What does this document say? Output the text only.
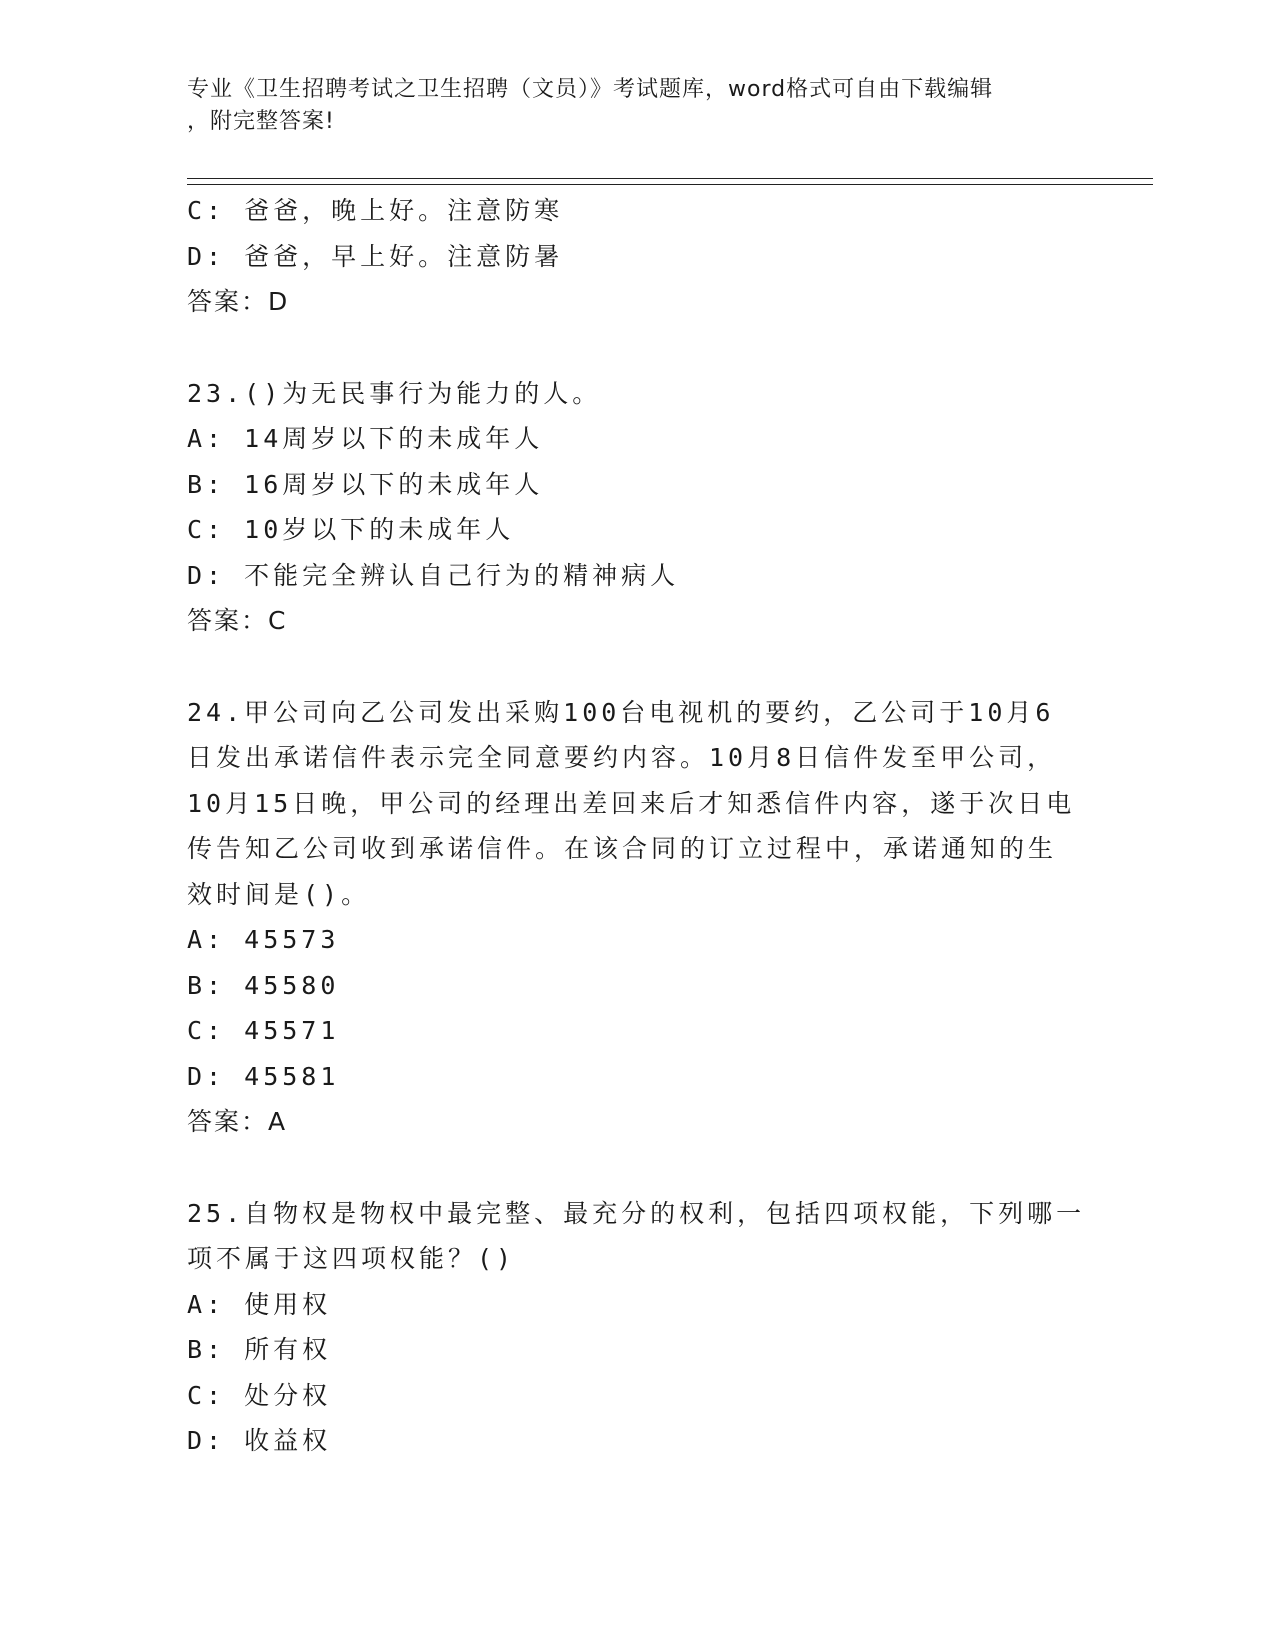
专业《卫生招聘考试之卫生招聘（文员）》考试题库，word格式可自由下载编辑
，附完整答案!
C: 爸爸，晚上好。注意防寒
D: 爸爸，早上好。注意防暑
答案：D
23.()为无民事行为能力的人。
A: 14周岁以下的未成年人
B: 16周岁以下的未成年人
C: 10岁以下的未成年人
D: 不能完全辨认自己行为的精神病人
答案：C
24.甲公司向乙公司发出采购100台电视机的要约，乙公司于10月6
日发出承诺信件表示完全同意要约内容。10月8日信件发至甲公司，
10月15日晚，甲公司的经理出差回来后才知悉信件内容，遂于次日电
传告知乙公司收到承诺信件。在该合同的订立过程中，承诺通知的生
效时间是()。
A: 45573
B: 45580
C: 45571
D: 45581
答案：A
25.自物权是物权中最完整、最充分的权利，包括四项权能，下列哪一
项不属于这四项权能？()
A: 使用权
B: 所有权
C: 处分权
D: 收益权
